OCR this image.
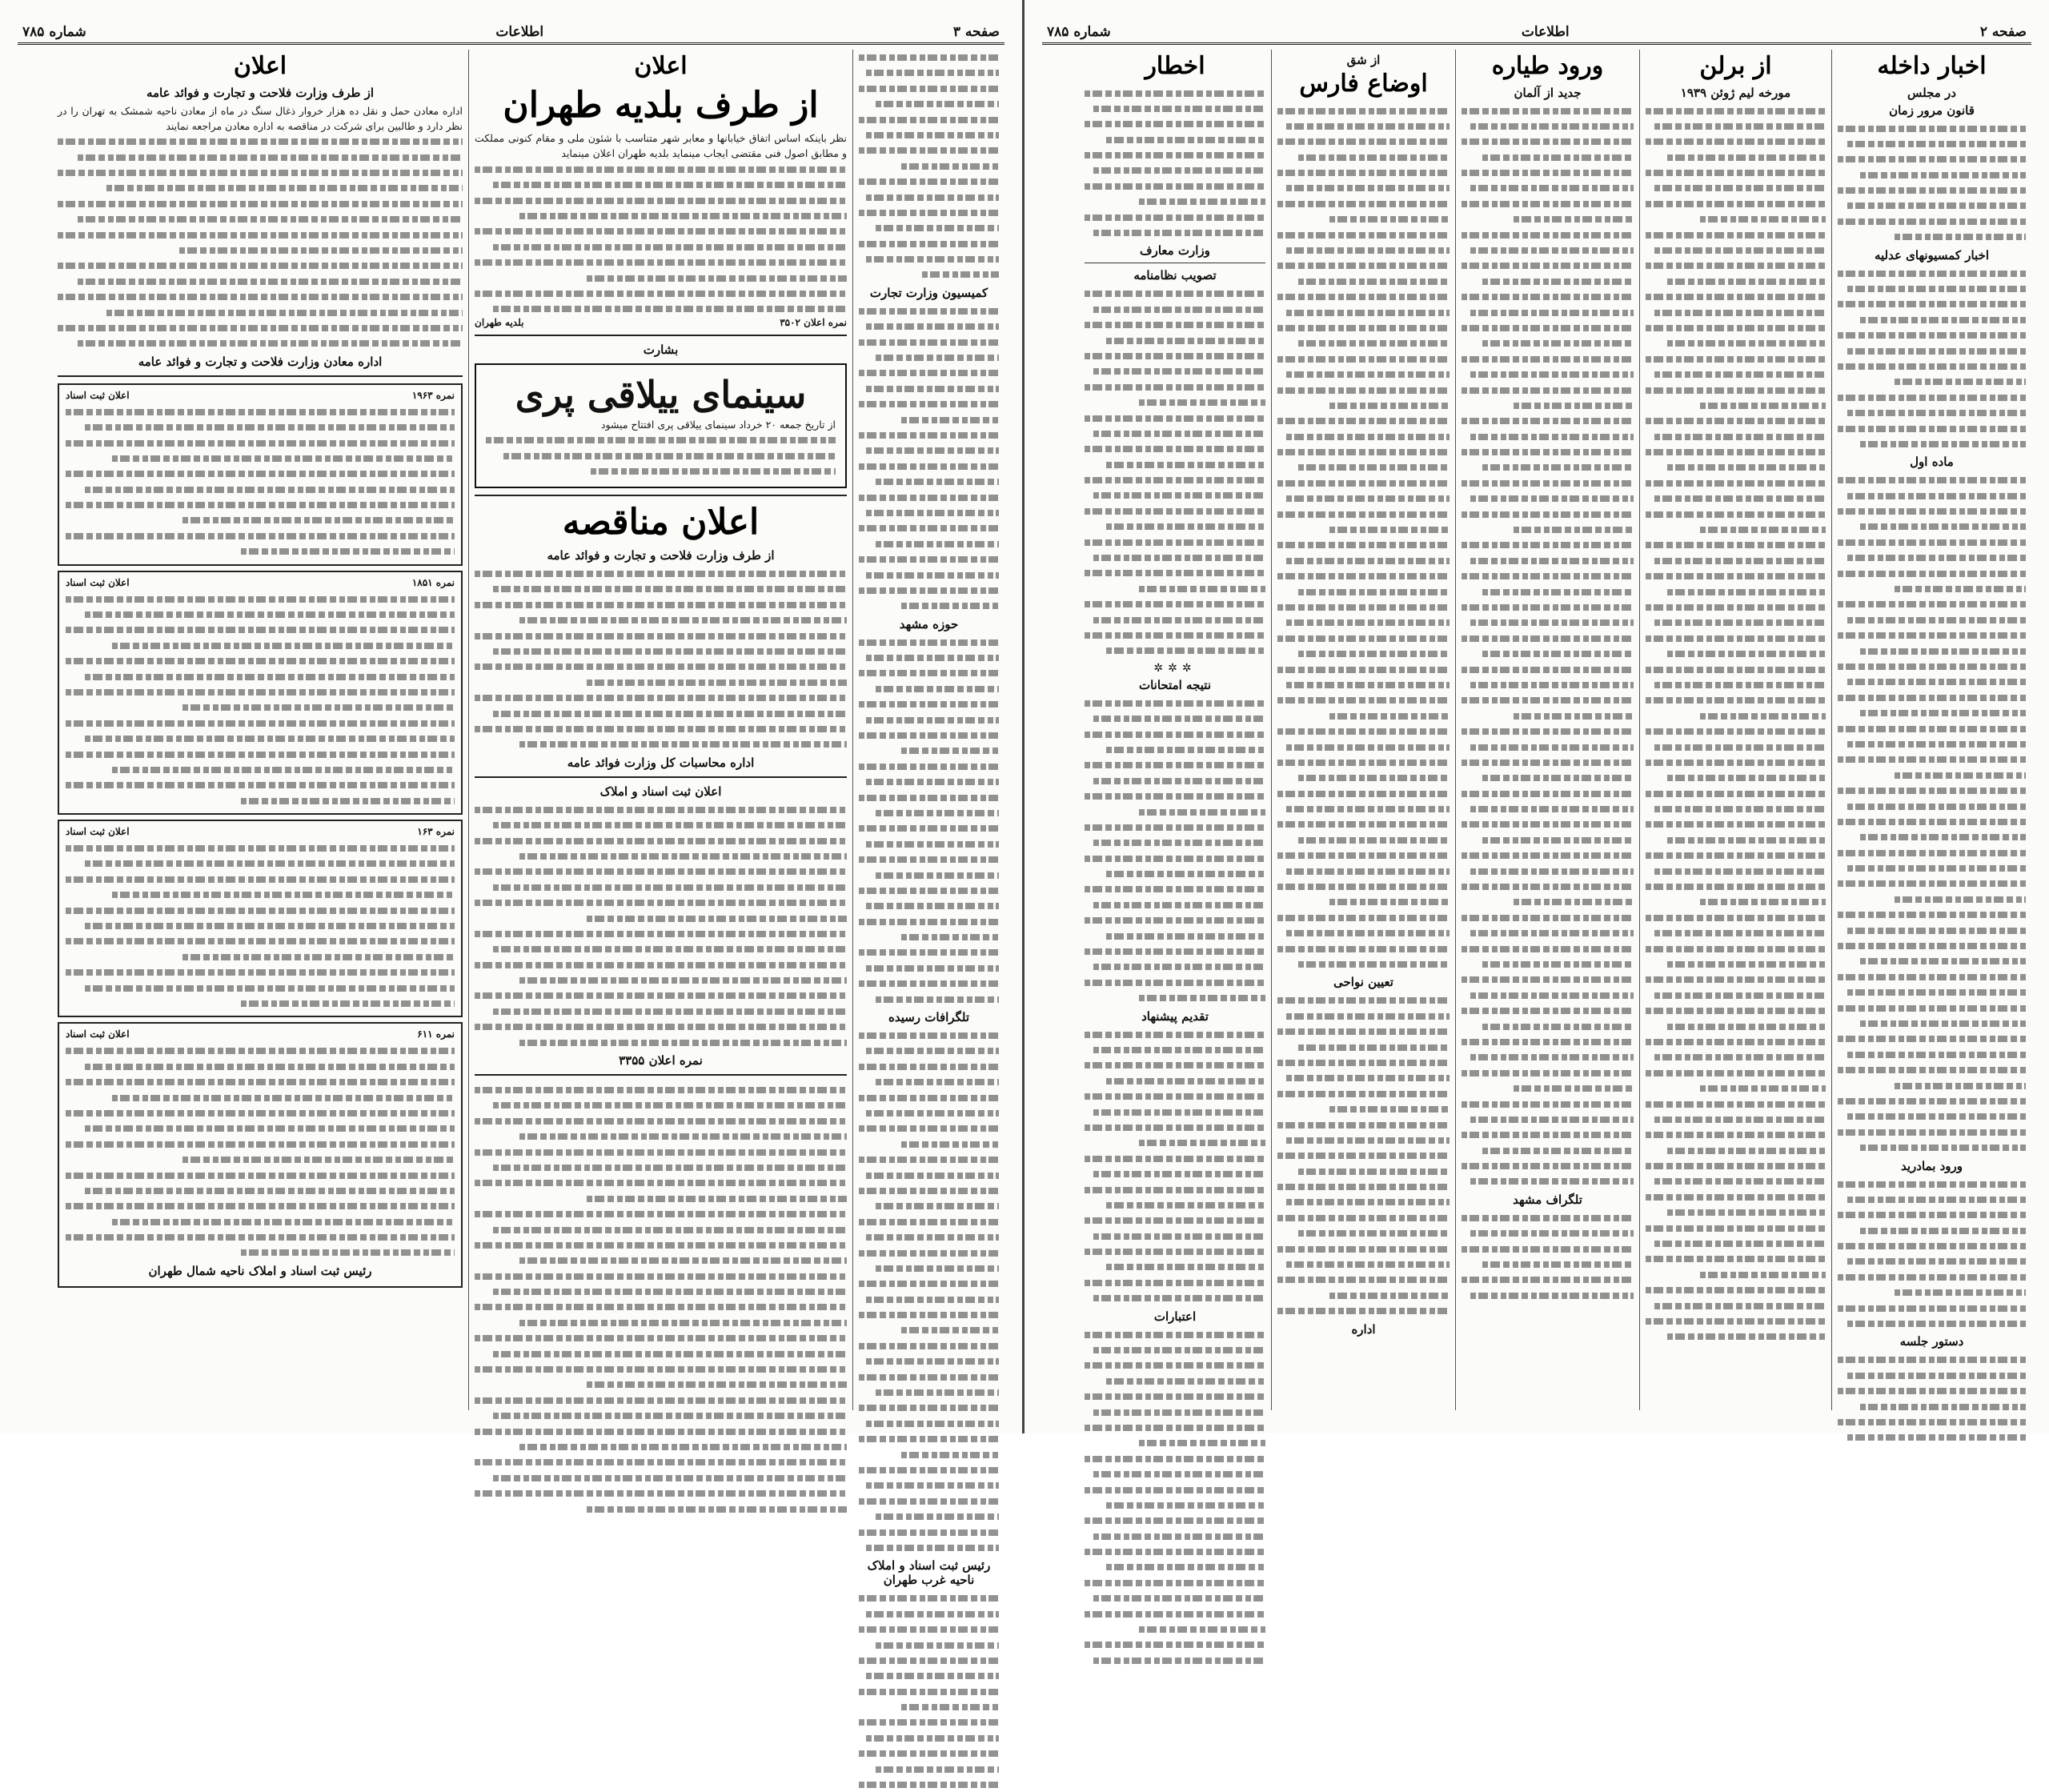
صفحه ۳
اطلاعات
شماره ۷۸۵
کمیسیون وزارت تجارت
حوزه مشهد
تلگرافات رسیده
رئیس ثبت اسناد و املاک ناحیه غرب طهران
اعلان
از طرف بلدیه طهران
نظر باینکه اساس اتفاق خیابانها و معابر شهر متناسب با شئون ملی و مقام کنونی مملکت و مطابق اصول فنی مقتضی ایجاب مینماید بلدیه طهران اعلان مینماید
نمره اعلان ۳۵۰۲
بلدیه طهران
بشارت
سینمای ییلاقی پری
از تاریخ جمعه ۲۰ خرداد سینمای ییلاقی پری افتتاح میشود
اعلان مناقصه
از طرف وزارت فلاحت و تجارت و فوائد عامه
اداره محاسبات کل وزارت فوائد عامه
اعلان ثبت اسناد و املاک
نمره اعلان ۳۳۵۵
اعلان
از طرف وزارت فلاحت و تجارت و فوائد عامه
اداره معادن حمل و نقل ده هزار خروار ذغال سنگ در ماه از معادن ناحیه شمشک به تهران را در نظر دارد و طالبین برای شرکت در مناقصه به اداره معادن مراجعه نمایند
اداره معادن وزارت فلاحت و تجارت و فوائد عامه
نمره ۱۹۶۳
اعلان ثبت اسناد
نمره ۱۸۵۱
اعلان ثبت اسناد
نمره ۱۶۳
اعلان ثبت اسناد
نمره ۶۱۱
اعلان ثبت اسناد
رئیس ثبت اسناد و املاک ناحیه شمال طهران
صفحه ۲
اطلاعات
شماره ۷۸۵
اخبار داخله
در مجلس
قانون مرور زمان
اخبار کمسیونهای عدلیه
ماده اول
ورود بمادرید
دستور جلسه
از برلن
مورخه لیم ژوئن ۱۹۳۹
ورود طیاره
جدید از آلمان
تلگراف مشهد
از شق
اوضاع فارس
تعیین نواحی
اداره
اخطار
وزارت معارف
تصویب نظامنامه
✲✲✲
نتیجه امتحانات
تقدیم پیشنهاد
اعتبارات
